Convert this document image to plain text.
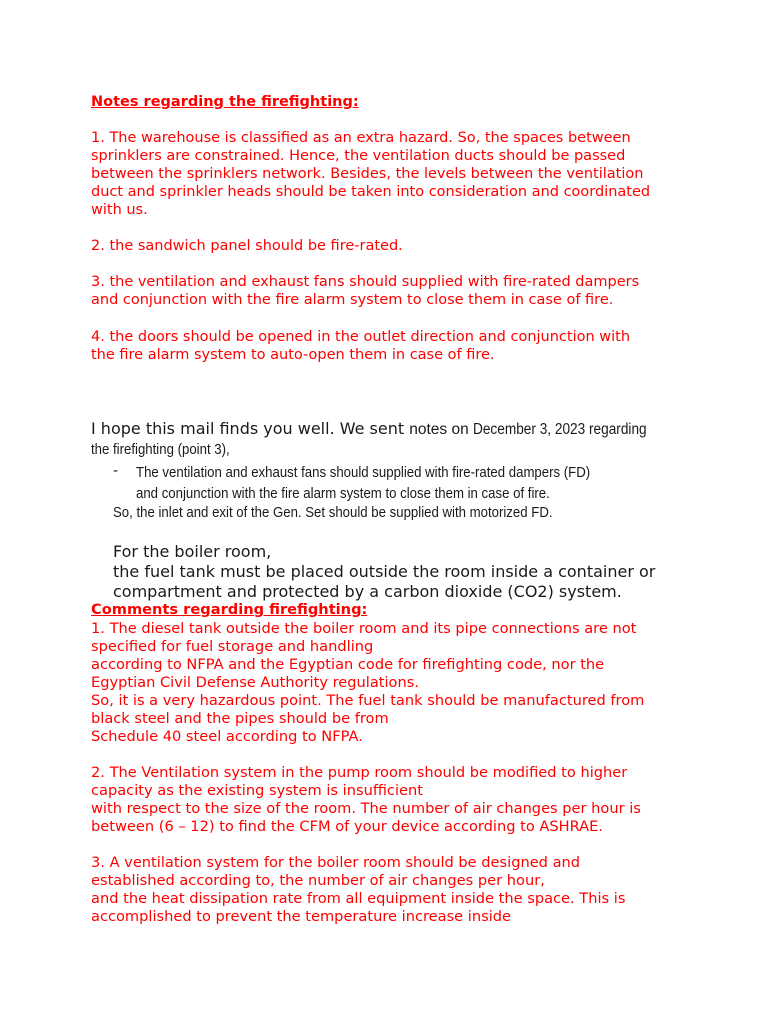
Notes regarding the firefighting:
1. The warehouse is classified as an extra hazard. So, the spaces between
sprinklers are constrained. Hence, the ventilation ducts should be passed
between the sprinklers network. Besides, the levels between the ventilation
duct and sprinkler heads should be taken into consideration and coordinated
with us.
2. the sandwich panel should be fire-rated.
3. the ventilation and exhaust fans should supplied with fire-rated dampers
and conjunction with the fire alarm system to close them in case of fire.
4. the doors should be opened in the outlet direction and conjunction with
the fire alarm system to auto-open them in case of fire.
I hope this mail finds you well. We sent notes on December 3, 2023 regarding
the firefighting (point 3),
- The ventilation and exhaust fans should supplied with fire-rated dampers (FD)
and conjunction with the fire alarm system to close them in case of fire.
So, the inlet and exit of the Gen. Set should be supplied with motorized FD.
For the boiler room,
the fuel tank must be placed outside the room inside a container or
compartment and protected by a carbon dioxide (CO2) system.
Comments regarding firefighting:
1. The diesel tank outside the boiler room and its pipe connections are not
specified for fuel storage and handling
according to NFPA and the Egyptian code for firefighting code, nor the
Egyptian Civil Defense Authority regulations.
So, it is a very hazardous point. The fuel tank should be manufactured from
black steel and the pipes should be from
Schedule 40 steel according to NFPA.
2. The Ventilation system in the pump room should be modified to higher
capacity as the existing system is insufficient
with respect to the size of the room. The number of air changes per hour is
between (6 – 12) to find the CFM of your device according to ASHRAE.
3. A ventilation system for the boiler room should be designed and
established according to, the number of air changes per hour,
and the heat dissipation rate from all equipment inside the space. This is
accomplished to prevent the temperature increase inside
